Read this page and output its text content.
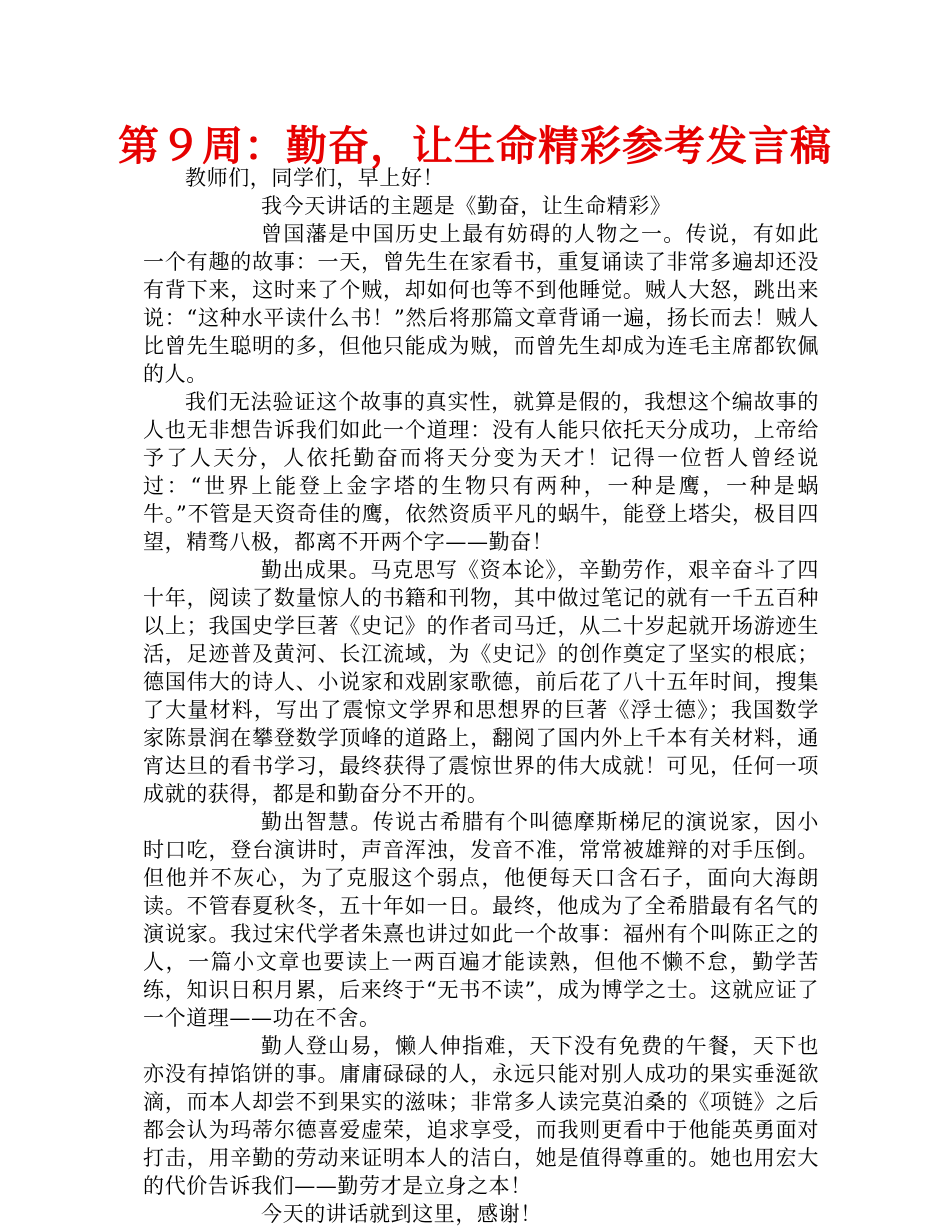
第９周：勤奋，让生命精彩参考发言稿

教师们，同学们，早上好！

我今天讲话的主题是《勤奋，让生命精彩》

曾国藩是中国历史上最有妨碍的人物之一。传说，有如此一个有趣的故事：一天，曾先生在家看书，重复诵读了非常多遍却还没有背下来，这时来了个贼，却如何也等不到他睡觉。贼人大怒，跳出来说：“这种水平读什么书！”然后将那篇文章背诵一遍，扬长而去！贼人比曾先生聪明的多，但他只能成为贼，而曾先生却成为连毛主席都钦佩的人。

我们无法验证这个故事的真实性，就算是假的，我想这个编故事的人也无非想告诉我们如此一个道理：没有人能只依托天分成功，上帝给予了人天分，人依托勤奋而将天分变为天才！记得一位哲人曾经说过：“世界上能登上金字塔的生物只有两种，一种是鹰，一种是蜗牛。”不管是天资奇佳的鹰，依然资质平凡的蜗牛，能登上塔尖，极目四望，精骛八极，都离不开两个字——勤奋！

勤出成果。马克思写《资本论》，辛勤劳作，艰辛奋斗了四十年，阅读了数量惊人的书籍和刊物，其中做过笔记的就有一千五百种以上；我国史学巨著《史记》的作者司马迁，从二十岁起就开场游迹生活，足迹普及黄河、长江流域，为《史记》的创作奠定了坚实的根底；德国伟大的诗人、小说家和戏剧家歌德，前后花了八十五年时间，搜集了大量材料，写出了震惊文学界和思想界的巨著《浮士德》；我国数学家陈景润在攀登数学顶峰的道路上，翻阅了国内外上千本有关材料，通宵达旦的看书学习，最终获得了震惊世界的伟大成就！可见，任何一项成就的获得，都是和勤奋分不开的。

勤出智慧。传说古希腊有个叫德摩斯梯尼的演说家，因小时口吃，登台演讲时，声音浑浊，发音不准，常常被雄辩的对手压倒。但他并不灰心，为了克服这个弱点，他便每天口含石子，面向大海朗读。不管春夏秋冬，五十年如一日。最终，他成为了全希腊最有名气的演说家。我过宋代学者朱熹也讲过如此一个故事：福州有个叫陈正之的人，一篇小文章也要读上一两百遍才能读熟，但他不懒不怠，勤学苦练，知识日积月累，后来终于“无书不读”，成为博学之士。这就应证了一个道理——功在不舍。

勤人登山易，懒人伸指难，天下没有免费的午餐，天下也亦没有掉馅饼的事。庸庸碌碌的人，永远只能对别人成功的果实垂涎欲滴，而本人却尝不到果实的滋味；非常多人读完莫泊桑的《项链》之后都会认为玛蒂尔德喜爱虚荣，追求享受，而我则更看中于他能英勇面对打击，用辛勤的劳动来证明本人的洁白，她是值得尊重的。她也用宏大的代价告诉我们——勤劳才是立身之本！

今天的讲话就到这里，感谢！
